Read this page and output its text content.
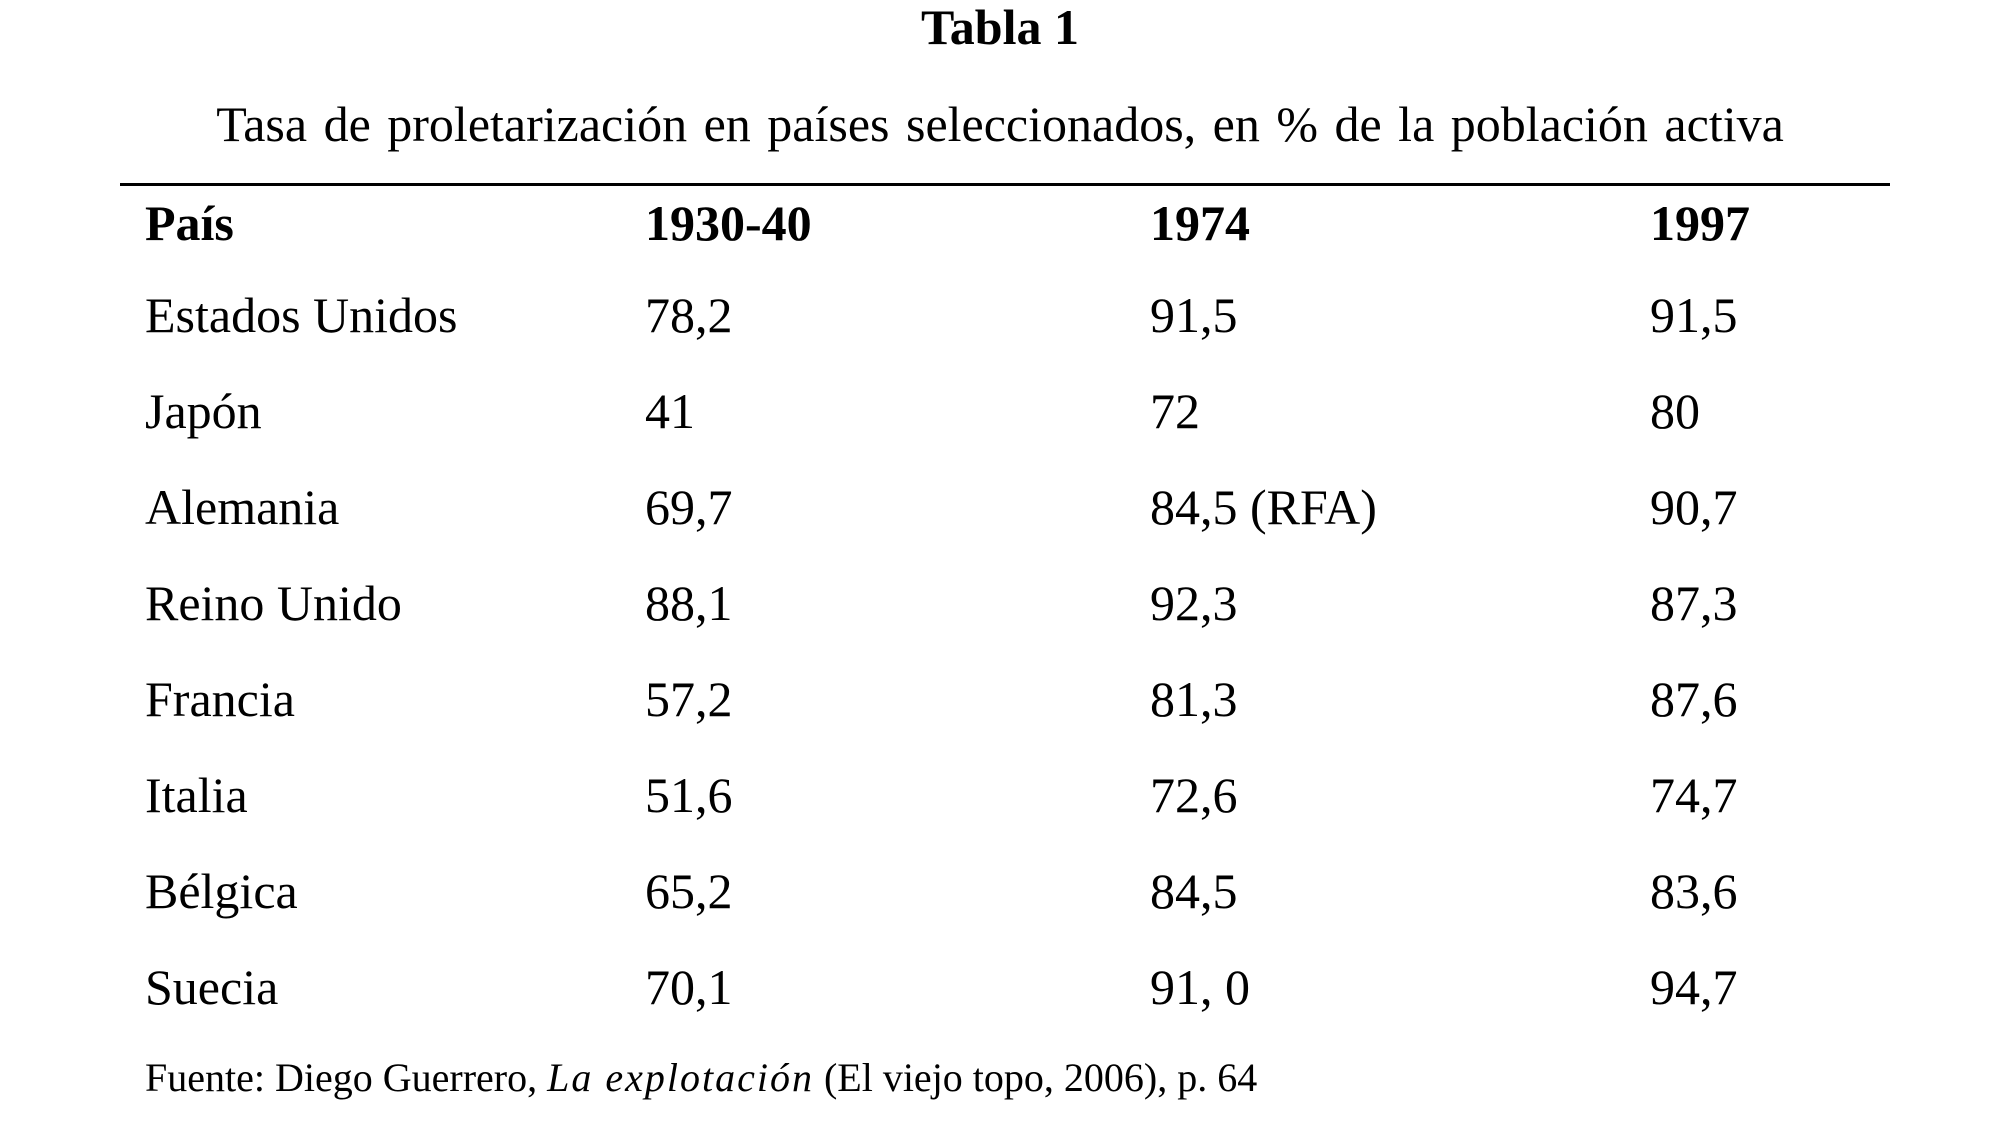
Tabla 1
Tasa de proletarización en países seleccionados, en % de la población activa
País	1930-40	1974	1997
Estados Unidos	78,2	91,5	91,5
Japón	41	72	80
Alemania	69,7	84,5 (RFA)	90,7
Reino Unido	88,1	92,3	87,3
Francia	57,2	81,3	87,6
Italia	51,6	72,6	74,7
Bélgica	65,2	84,5	83,6
Suecia	70,1	91, 0	94,7
Fuente: Diego Guerrero, La explotación (El viejo topo, 2006), p. 64
